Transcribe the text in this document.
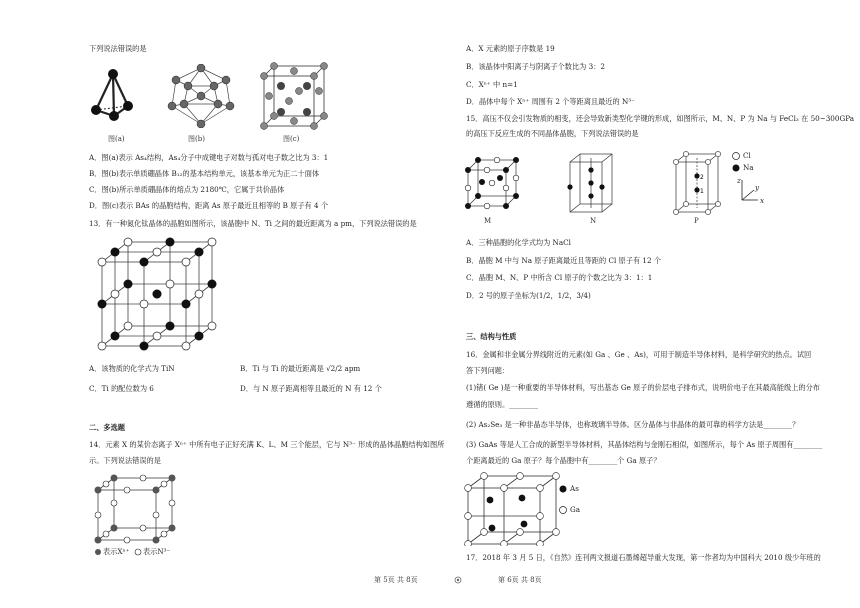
下列说法错误的是
图(a)	图(b)	图(c)
A．图(a)表示 As₄结构，As₄分子中成键电子对数与孤对电子数之比为 3：1
B．图(b)表示单质硼晶体 B₁₂的基本结构单元，该基本单元为正二十面体
C．图(b)所示单质硼晶体的熔点为 2180℃，它属于共价晶体
D．图(c)表示 BAs 的晶胞结构，距离 As 原子最近且相等的 B 原子有 4 个
13．有一种氮化钛晶体的晶胞如图所示，该晶胞中 N、Ti 之间的最近距离为 a pm，下列说法错误的是
A．该物质的化学式为 TiN	B．Ti 与 Ti 的最近距离是 √2/2 apm
C．Ti 的配位数为 6	D．与 N 原子距离相等且最近的 N 有 12 个
二、多选题
14．元素 X 的某价态离子 Xⁿ⁺ 中所有电子正好充满 K、L、M 三个能层，它与 N³⁻ 形成的晶体晶胞结构如图所
示。下列说法错误的是
表示Xⁿ⁺ 表示N³⁻
A．X 元素的原子序数是 19
B．该晶体中阳离子与阴离子个数比为 3：2
C．Xⁿ⁺ 中 n=1
D．晶体中每个 Xⁿ⁺ 周围有 2 个等距离且最近的 N³⁻
15．高压不仅会引发物质的相变，还会导致新类型化学键的形成，如图所示，M、N、P 为 Na 与 FeCl₃ 在 50~300GPa
的高压下反应生成的不同晶体晶胞，下列说法错误的是
M	N
2
1
P
Cl
Na
z
y
x
A．三种晶胞的化学式均为 NaCl
B．晶胞 M 中与 Na 原子距离最近且等距的 Cl 原子有 12 个
C．晶胞 M、N、P 中所含 Cl 原子的个数之比为 3：1：1
D．2 号的原子坐标为(1/2，1/2，3/4)
三、结构与性质
16．金属和非金属分界线附近的元素(如 Ga 、Ge 、As)，可用于制造半导体材料，是科学研究的热点。试回
答下列问题：
(1)锗( Ge )是一种重要的半导体材料，写出基态 Ge 原子的价层电子排布式，说明价电子在其最高能级上的分布
遵循的原则。________
(2) As₂Se₃ 是一种非晶态半导体，也称玻璃半导体。区分晶体与非晶体的最可靠的科学方法是________？
(3) GaAs 等是人工合成的新型半导体材料，其晶体结构与金刚石相似，如图所示，每个 As 原子周围有________
个距离最近的 Ga 原子？每个晶胞中有________个 Ga 原子？
As
Ga
17．2018 年 3 月 5 日，《自然》连刊两文报道石墨烯超导重大发现，第一作者均为中国科大 2010 级少年班的
第 5页 共 8页	第 6页 共 8页
